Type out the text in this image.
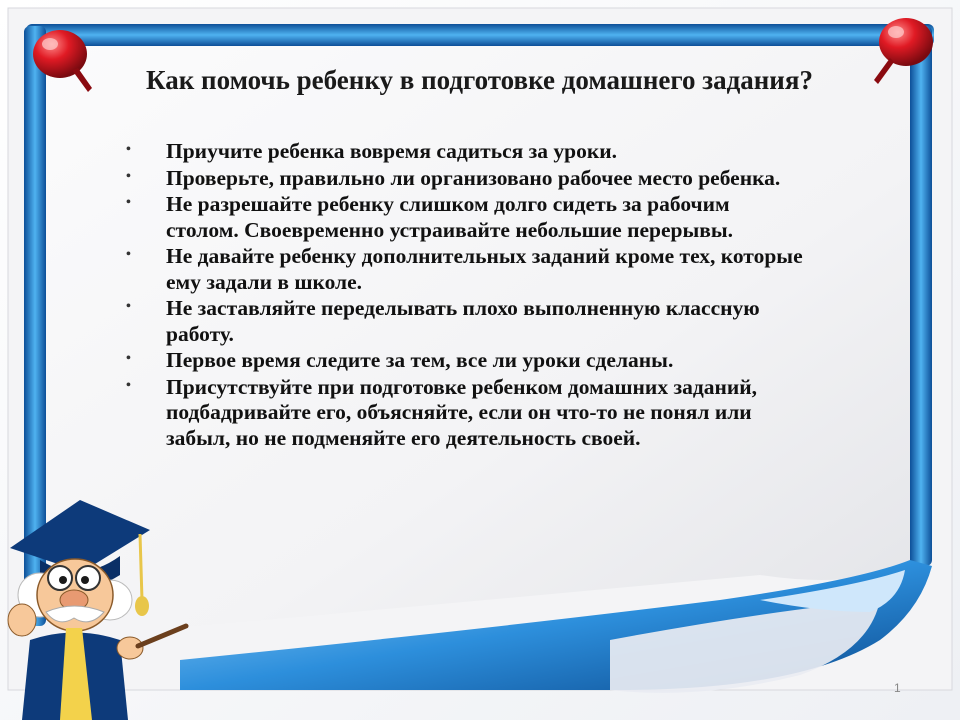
Как помочь ребенку в подготовке домашнего задания?
• Приучите ребенка вовремя садиться за уроки.
• Проверьте, правильно ли организовано рабочее место ребенка.
• Не разрешайте ребенку слишком долго сидеть за рабочим столом. Своевременно устраивайте небольшие перерывы.
• Не давайте ребенку дополнительных заданий кроме тех, которые ему задали в школе.
• Не заставляйте переделывать плохо выполненную классную работу.
• Первое время следите за тем, все ли уроки сделаны.
• Присутствуйте при подготовке ребенком домашних заданий, подбадривайте его, объясняйте, если он что-то не понял или забыл, но не подменяйте его деятельность своей.
1
